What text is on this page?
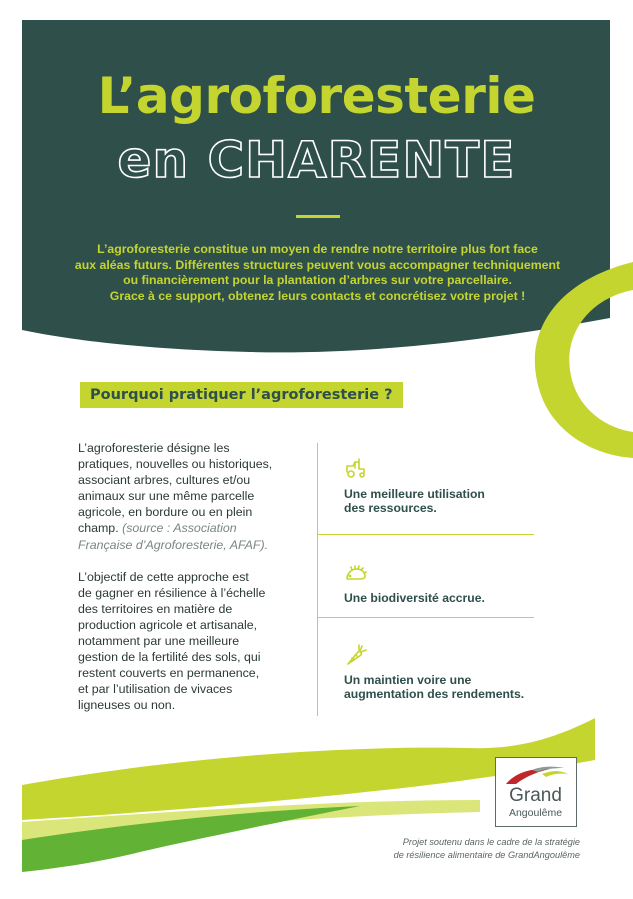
L’agroforesterie
en CHARENTE
L’agroforesterie constitue un moyen de rendre notre territoire plus fort face
aux aléas futurs. Différentes structures peuvent vous accompagner techniquement
ou financièrement pour la plantation d’arbres sur votre parcellaire.
Grace à ce support, obtenez leurs contacts et concrétisez votre projet !
Pourquoi pratiquer l’agroforesterie ?

L’agroforesterie désigne les
pratiques, nouvelles ou historiques,
associant arbres, cultures et/ou
animaux sur une même parcelle
agricole, en bordure ou en plein
champ. (source : Association
Française d’Agroforesterie, AFAF).

L’objectif de cette approche est
de gagner en résilience à l’échelle
des territoires en matière de
production agricole et artisanale,
notamment par une meilleure
gestion de la fertilité des sols, qui
restent couverts en permanence,
et par l’utilisation de vivaces
ligneuses ou non.

Une meilleure utilisation
des ressources.
Une biodiversité accrue.
Un maintien voire une
augmentation des rendements.
Grand
Angoulême
Projet soutenu dans le cadre de la stratégie
de résilience alimentaire de GrandAngoulême
